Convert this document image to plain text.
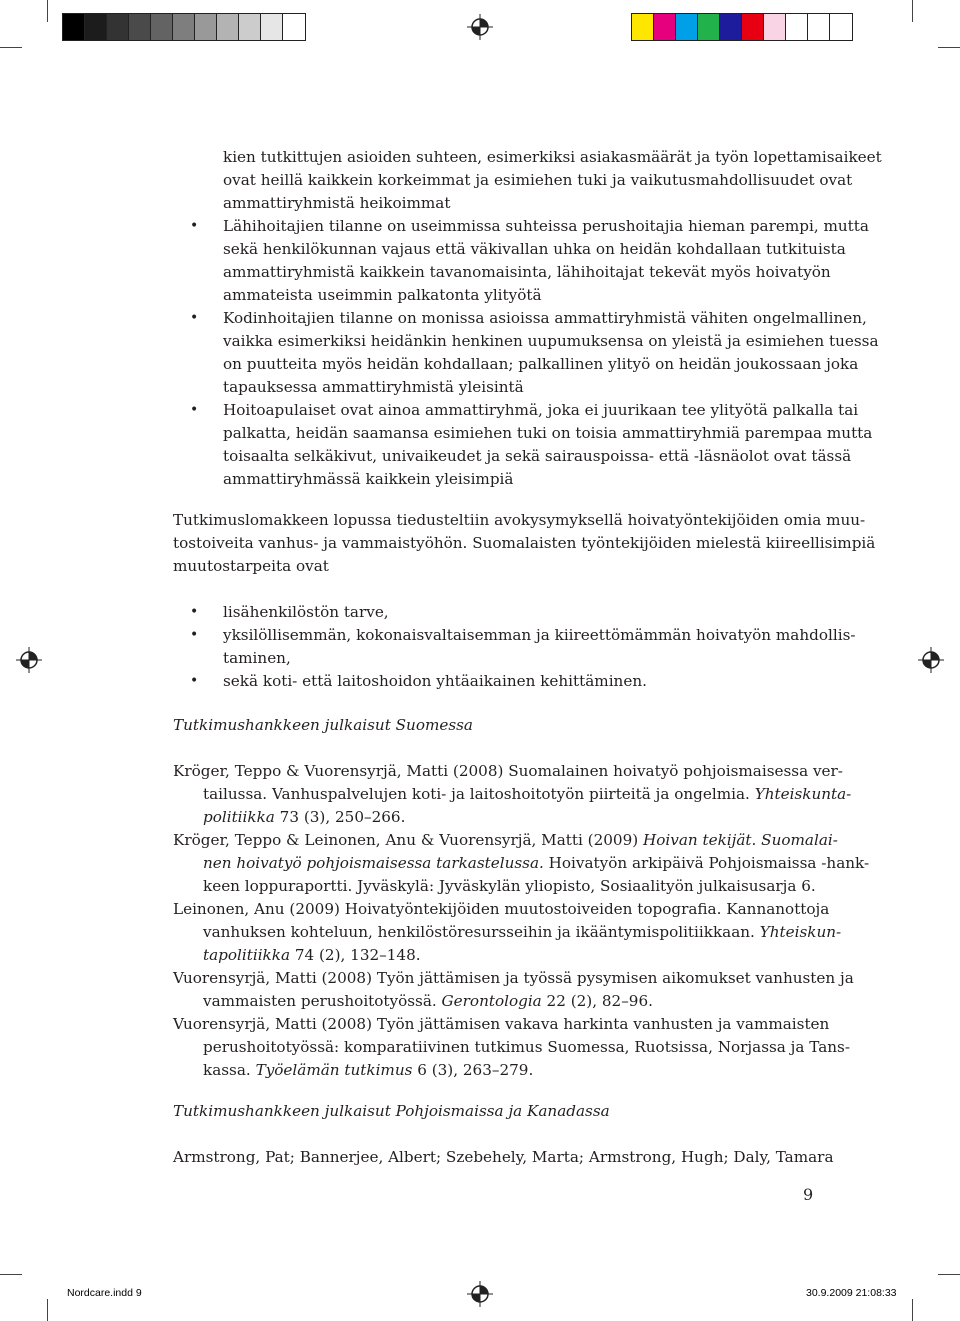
kien tutkittujen asioiden suhteen, esimerkiksi asiakasmäärät ja työn lopettamisaikeet
ovat heillä kaikkein korkeimmat ja esimiehen tuki ja vaikutusmahdollisuudet ovat
ammattiryhmistä heikoimmat
• Lähihoitajien tilanne on useimmissa suhteissa perushoitajia hieman parempi, mutta
sekä henkilökunnan vajaus että väkivallan uhka on heidän kohdallaan tutkituista
ammattiryhmistä kaikkein tavanomaisinta, lähihoitajat tekevät myös hoivatyön
ammateista useimmin palkatonta ylityötä
• Kodinhoitajien tilanne on monissa asioissa ammattiryhmistä vähiten ongelmallinen,
vaikka esimerkiksi heidänkin henkinen uupumuksensa on yleistä ja esimiehen tuessa
on puutteita myös heidän kohdallaan; palkallinen ylityö on heidän joukossaan joka
tapauksessa ammattiryhmistä yleisintä
• Hoitoapulaiset ovat ainoa ammattiryhmä, joka ei juurikaan tee ylityötä palkalla tai
palkatta, heidän saamansa esimiehen tuki on toisia ammattiryhmiä parempaa mutta
toisaalta selkäkivut, univaikeudet ja sekä sairauspoissa- että -läsnäolot ovat tässä
ammattiryhmässä kaikkein yleisimpiä
Tutkimuslomakkeen lopussa tiedusteltiin avokysymyksellä hoivatyöntekijöiden omia muu-
tostoiveita vanhus- ja vammaistyöhön. Suomalaisten työntekijöiden mielestä kiireellisimpiä
muutostarpeita ovat
• lisähenkilöstön tarve,
• yksilöllisemmän, kokonaisvaltaisemman ja kiireettömämmän hoivatyön mahdollis-
taminen,
• sekä koti- että laitoshoidon yhtäaikainen kehittäminen.
Tutkimushankkeen julkaisut Suomessa
Kröger, Teppo & Vuorensyrjä, Matti (2008) Suomalainen hoivatyö pohjoismaisessa ver-
tailussa. Vanhuspalvelujen koti- ja laitoshoitotyön piirteitä ja ongelmia. Yhteiskunta-
politiikka 73 (3), 250–266.
Kröger, Teppo & Leinonen, Anu & Vuorensyrjä, Matti (2009) Hoivan tekijät. Suomalai-
nen hoivatyö pohjoismaisessa tarkastelussa. Hoivatyön arkipäivä Pohjoismaissa -hank-
keen loppuraportti. Jyväskylä: Jyväskylän yliopisto, Sosiaalityön julkaisusarja 6.
Leinonen, Anu (2009) Hoivatyöntekijöiden muutostoiveiden topografia. Kannanottoja
vanhuksen kohteluun, henkilöstöresursseihin ja ikääntymispolitiikkaan. Yhteiskun-
tapolitiikka 74 (2), 132–148.
Vuorensyrjä, Matti (2008) Työn jättämisen ja työssä pysymisen aikomukset vanhusten ja
vammaisten perushoitotyössä. Gerontologia 22 (2), 82–96.
Vuorensyrjä, Matti (2008) Työn jättämisen vakava harkinta vanhusten ja vammaisten
perushoitotyössä: komparatiivinen tutkimus Suomessa, Ruotsissa, Norjassa ja Tans-
kassa. Työelämän tutkimus 6 (3), 263–279.
Tutkimushankkeen julkaisut Pohjoismaissa ja Kanadassa
Armstrong, Pat; Bannerjee, Albert; Szebehely, Marta; Armstrong, Hugh; Daly, Tamara
9
Nordcare.indd 9	30.9.2009 21:08:33
